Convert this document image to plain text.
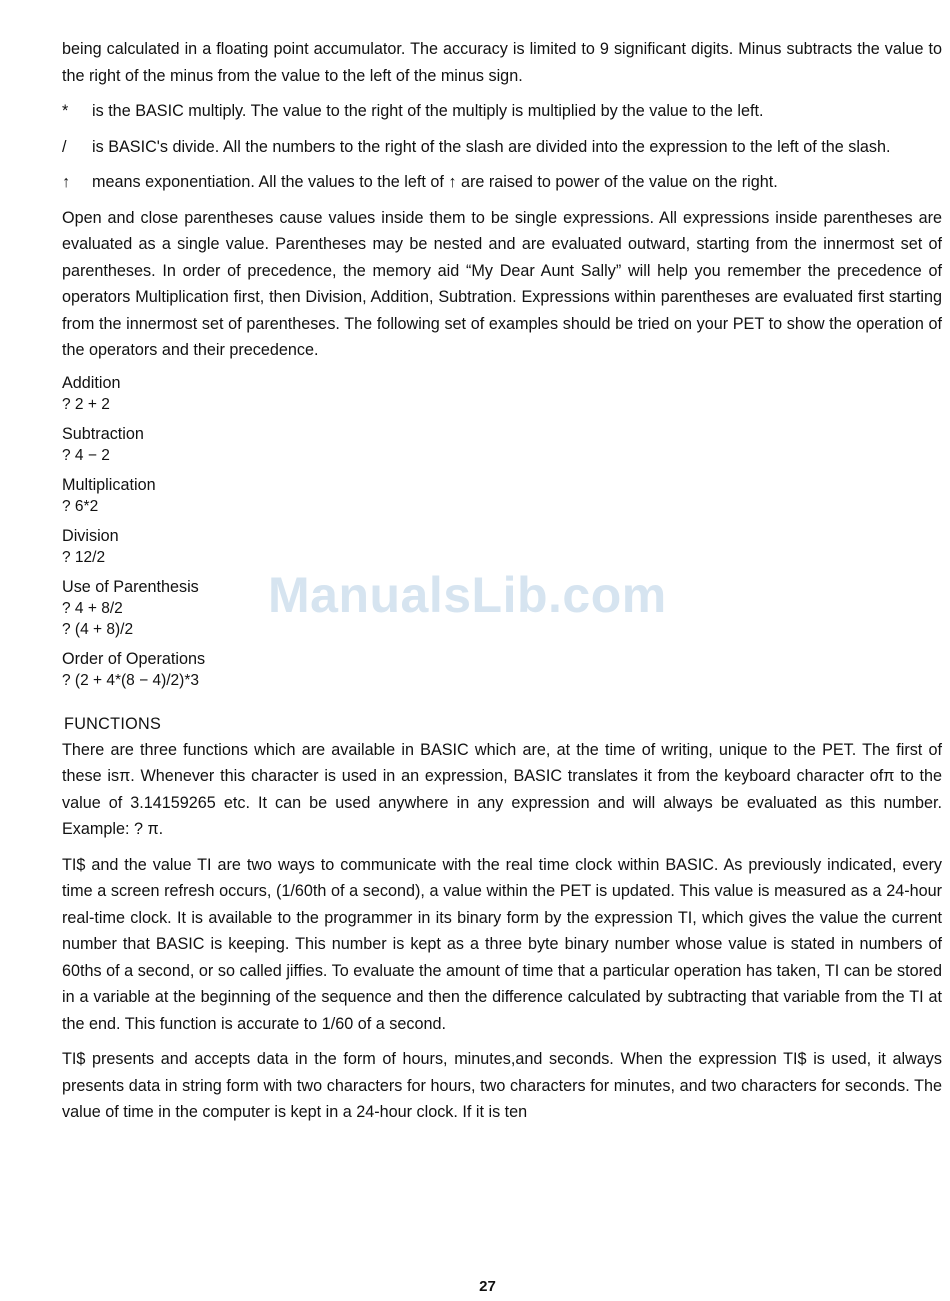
being calculated in a floating point accumulator. The accuracy is limited to 9 significant digits. Minus subtracts the value to the right of the minus from the value to the left of the minus sign.

*	is the BASIC multiply. The value to the right of the multiply is multiplied by the value to the left.
/	is BASIC's divide. All the numbers to the right of the slash are divided into the expression to the left of the slash.
↑	means exponentiation. All the values to the left of ↑ are raised to power of the value on the right.

Open and close parentheses cause values inside them to be single expressions. All expressions inside parentheses are evaluated as a single value. Parentheses may be nested and are evaluated outward, starting from the innermost set of parentheses. In order of precedence, the memory aid “My Dear Aunt Sally” will help you remember the precedence of operators Multiplication first, then Division, Addition, Subtration. Expressions within parentheses are evaluated first starting from the innermost set of parentheses. The following set of examples should be tried on your PET to show the operation of the operators and their precedence.

Addition
? 2 + 2
Subtraction
? 4 − 2
Multiplication
? 6*2
Division
? 12/2
Use of Parenthesis
? 4 + 8/2
? (4 + 8)/2
Order of Operations
? (2 + 4*(8 − 4)/2)*3
FUNCTIONS

There are three functions which are available in BASIC which are, at the time of writing, unique to the PET. The first of these isπ. Whenever this character is used in an expression, BASIC translates it from the keyboard character ofπ to the value of 3.14159265 etc. It can be used anywhere in any expression and will always be evaluated as this number. Example: ? π.

TI$ and the value TI are two ways to communicate with the real time clock within BASIC. As previously indicated, every time a screen refresh occurs, (1/60th of a second), a value within the PET is updated. This value is measured as a 24-hour real-time clock. It is available to the programmer in its binary form by the expression TI, which gives the value the current number that BASIC is keeping. This number is kept as a three byte binary number whose value is stated in numbers of 60ths of a second, or so called jiffies. To evaluate the amount of time that a particular operation has taken, TI can be stored in a variable at the beginning of the sequence and then the difference calculated by subtracting that variable from the TI at the end. This function is accurate to 1/60 of a second.

TI$ presents and accepts data in the form of hours, minutes,and seconds. When the expression TI$ is used, it always presents data in string form with two characters for hours, two characters for minutes, and two characters for seconds. The value of time in the computer is kept in a 24-hour clock. If it is ten

ManualsLib.com
27
